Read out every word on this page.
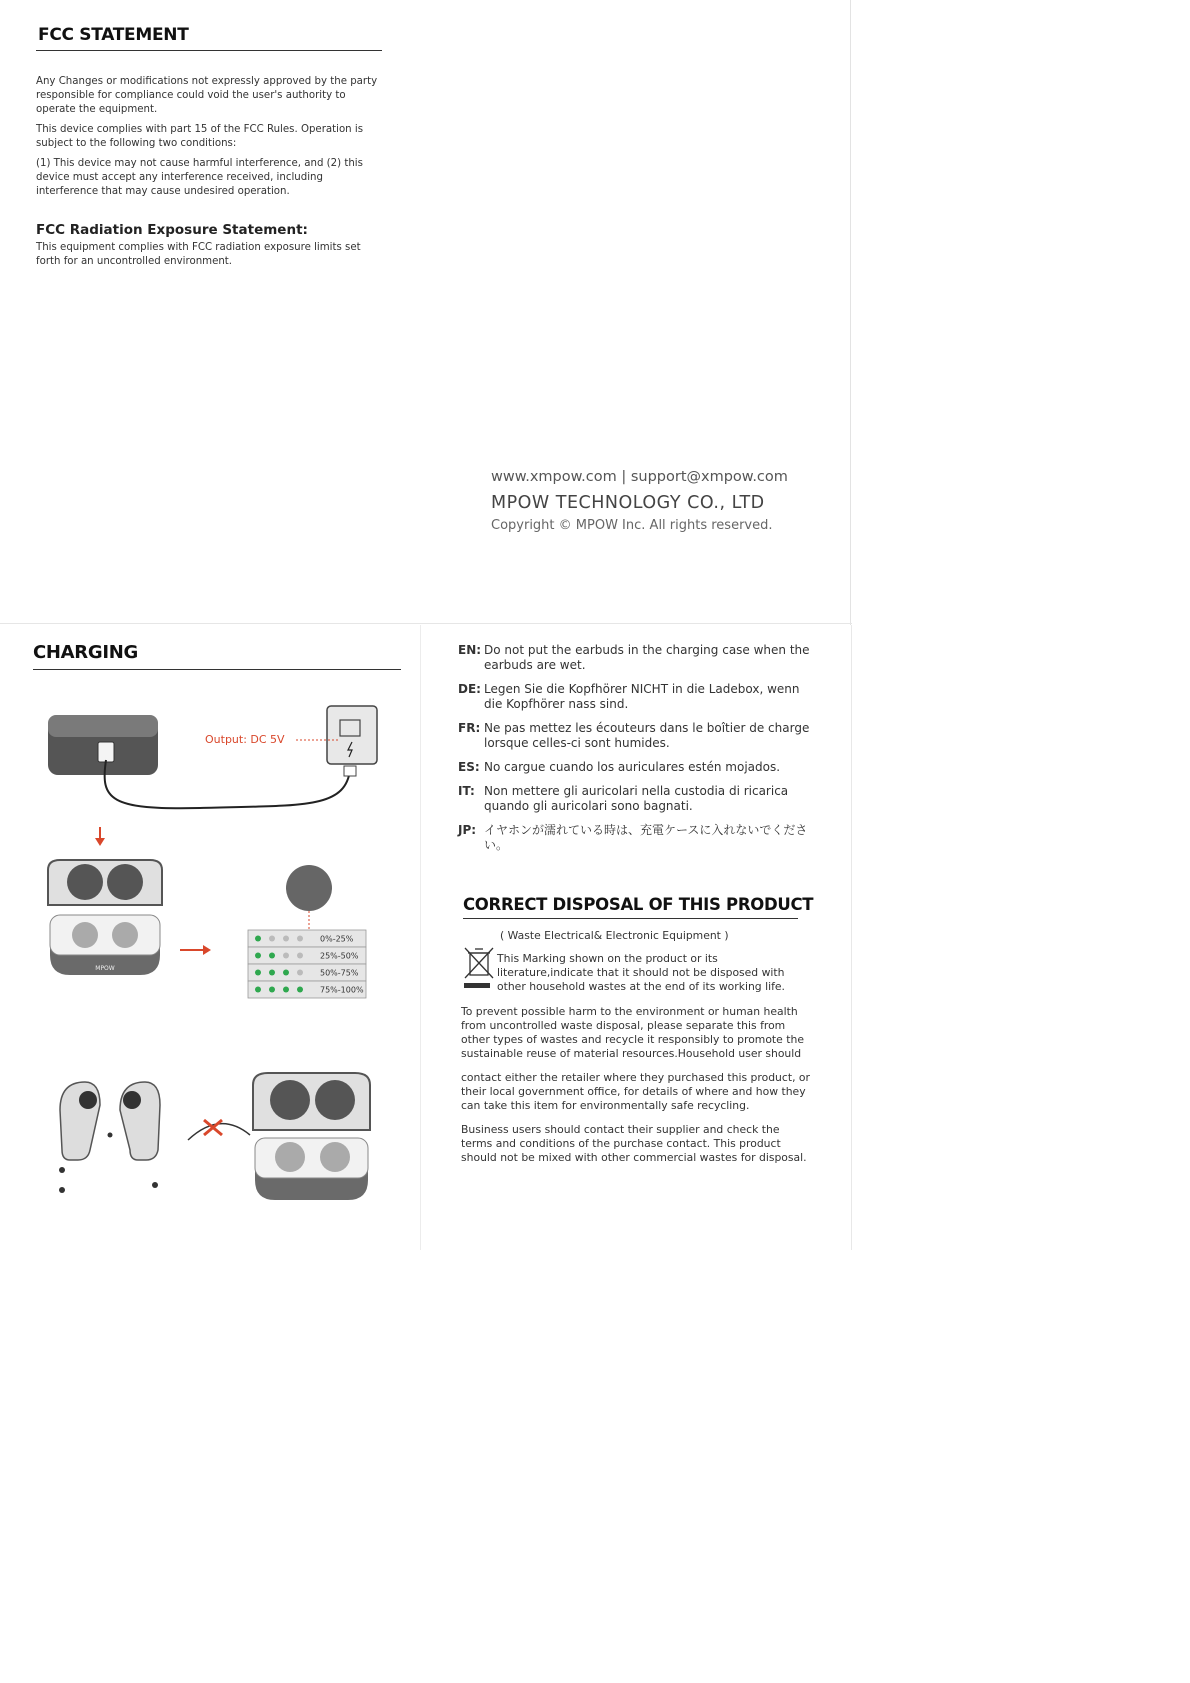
FCC STATEMENT

Any Changes or modifications not expressly approved by the party responsible for compliance could void the user's authority to operate the equipment.

This device complies with part 15 of the FCC Rules. Operation is subject to the following two conditions:

(1) This device may not cause harmful interference, and (2) this device must accept any interference received, including interference that may cause undesired operation.

FCC Radiation Exposure Statement:
This equipment complies with FCC radiation exposure limits set forth for an uncontrolled environment.
www.xmpow.com | support@xmpow.com
MPOW TECHNOLOGY CO., LTD
Copyright © MPOW Inc. All rights reserved.
CHARGING
MPOW
0%-25%
25%-50%
50%-75%
75%-100%
Output: DC 5V
EN: Do not put the earbuds in the charging case when the earbuds are wet.
DE: Legen Sie die Kopfhörer NICHT in die Ladebox, wenn die Kopfhörer nass sind.
FR: Ne pas mettez les écouteurs dans le boîtier de charge lorsque celles-ci sont humides.
ES: No cargue cuando los auriculares estén mojados.
IT: Non mettere gli auricolari nella custodia di ricarica quando gli auricolari sono bagnati.
JP: イヤホンが濡れている時は、充電ケースに入れないでください。
CORRECT DISPOSAL OF THIS PRODUCT
( Waste Electrical& Electronic Equipment )
This Marking shown on the product or its literature,indicate that it should not be disposed with other household wastes at the end of its working life.

To prevent possible harm to the environment or human health from uncontrolled waste disposal, please separate this from other types of wastes and recycle it responsibly to promote the sustainable reuse of material resources.Household user should

contact either the retailer where they purchased this product, or their local government office, for details of where and how they can take this item for environmentally safe recycling.

Business users should contact their supplier and check the terms and conditions of the purchase contact. This product should not be mixed with other commercial wastes for disposal.
